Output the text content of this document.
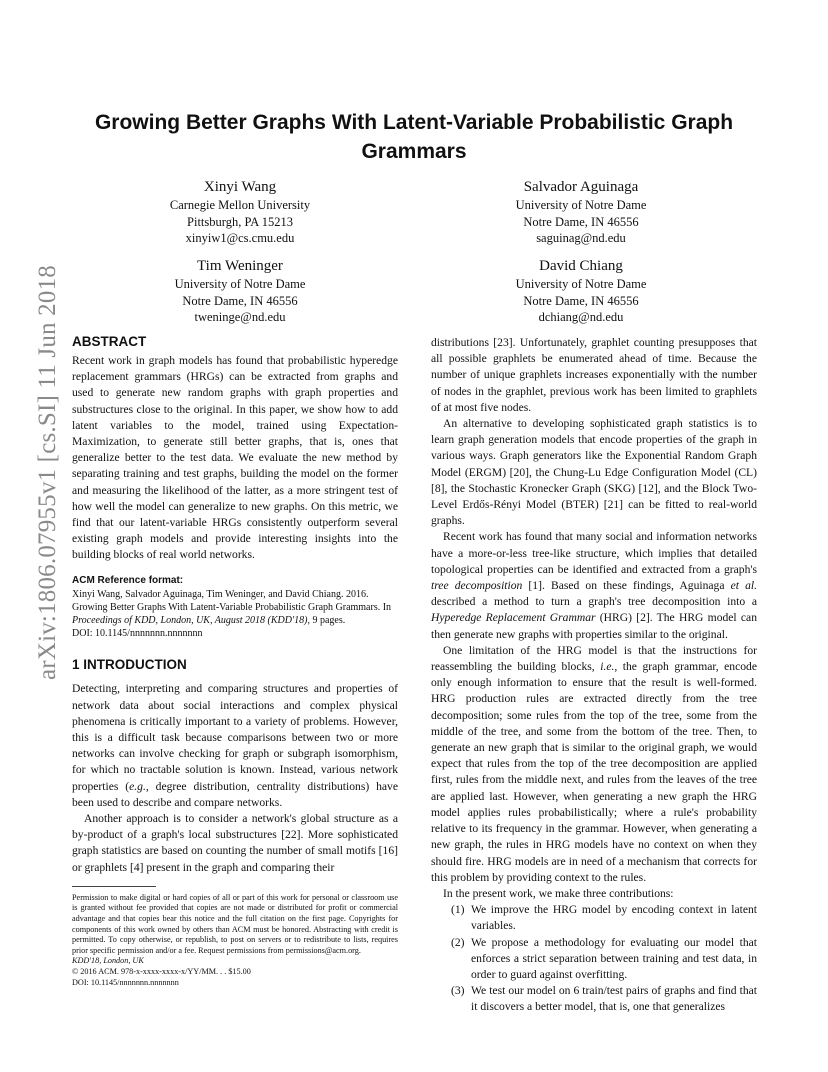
arXiv:1806.07955v1 [cs.SI] 11 Jun 2018
Growing Better Graphs With Latent-Variable Probabilistic Graph Grammars
Xinyi Wang
Carnegie Mellon University
Pittsburgh, PA 15213
xinyiw1@cs.cmu.edu
Salvador Aguinaga
University of Notre Dame
Notre Dame, IN 46556
saguinag@nd.edu
Tim Weninger
University of Notre Dame
Notre Dame, IN 46556
tweninge@nd.edu
David Chiang
University of Notre Dame
Notre Dame, IN 46556
dchiang@nd.edu
ABSTRACT

Recent work in graph models has found that probabilistic hyperedge replacement grammars (HRGs) can be extracted from graphs and used to generate new random graphs with graph properties and substructures close to the original. In this paper, we show how to add latent variables to the model, trained using Expectation-Maximization, to generate still better graphs, that is, ones that generalize better to the test data. We evaluate the new method by separating training and test graphs, building the model on the former and measuring the likelihood of the latter, as a more stringent test of how well the model can generalize to new graphs. On this metric, we find that our latent-variable HRGs consistently outperform several existing graph models and provide interesting insights into the building blocks of real world networks.

ACM Reference format:
Xinyi Wang, Salvador Aguinaga, Tim Weninger, and David Chiang. 2016. Growing Better Graphs With Latent-Variable Probabilistic Graph Grammars. In Proceedings of KDD, London, UK, August 2018 (KDD'18), 9 pages.
DOI: 10.1145/nnnnnnn.nnnnnnn
1 INTRODUCTION

Detecting, interpreting and comparing structures and properties of network data about social interactions and complex physical phenomena is critically important to a variety of problems. However, this is a difficult task because comparisons between two or more networks can involve checking for graph or subgraph isomorphism, for which no tractable solution is known. Instead, various network properties (e.g., degree distribution, centrality distributions) have been used to describe and compare networks.

Another approach is to consider a network's global structure as a by-product of a graph's local substructures [22]. More sophisticated graph statistics are based on counting the number of small motifs [16] or graphlets [4] present in the graph and comparing their

Permission to make digital or hard copies of all or part of this work for personal or classroom use is granted without fee provided that copies are not made or distributed for profit or commercial advantage and that copies bear this notice and the full citation on the first page. Copyrights for components of this work owned by others than ACM must be honored. Abstracting with credit is permitted. To copy otherwise, or republish, to post on servers or to redistribute to lists, requires prior specific permission and/or a fee. Request permissions from permissions@acm.org.
KDD'18, London, UK
© 2016 ACM. 978-x-xxxx-xxxx-x/YY/MM. . . $15.00
DOI: 10.1145/nnnnnnn.nnnnnnn

distributions [23]. Unfortunately, graphlet counting presupposes that all possible graphlets be enumerated ahead of time. Because the number of unique graphlets increases exponentially with the number of nodes in the graphlet, previous work has been limited to graphlets of at most five nodes.

An alternative to developing sophisticated graph statistics is to learn graph generation models that encode properties of the graph in various ways. Graph generators like the Exponential Random Graph Model (ERGM) [20], the Chung-Lu Edge Configuration Model (CL) [8], the Stochastic Kronecker Graph (SKG) [12], and the Block Two-Level Erdős-Rényi Model (BTER) [21] can be fitted to real-world graphs.

Recent work has found that many social and information networks have a more-or-less tree-like structure, which implies that detailed topological properties can be identified and extracted from a graph's tree decomposition [1]. Based on these findings, Aguinaga et al. described a method to turn a graph's tree decomposition into a Hyperedge Replacement Grammar (HRG) [2]. The HRG model can then generate new graphs with properties similar to the original.

One limitation of the HRG model is that the instructions for reassembling the building blocks, i.e., the graph grammar, encode only enough information to ensure that the result is well-formed. HRG production rules are extracted directly from the tree decomposition; some rules from the top of the tree, some from the middle of the tree, and some from the bottom of the tree. Then, to generate an new graph that is similar to the original graph, we would expect that rules from the top of the tree decomposition are applied first, rules from the middle next, and rules from the leaves of the tree are applied last. However, when generating a new graph the HRG model applies rules probabilistically; where a rule's probability relative to its frequency in the grammar. However, when generating a new graph, the rules in HRG models have no context on when they should fire. HRG models are in need of a mechanism that corrects for this problem by providing context to the rules.

In the present work, we make three contributions:

(1) We improve the HRG model by encoding context in latent variables.
(2) We propose a methodology for evaluating our model that enforces a strict separation between training and test data, in order to guard against overfitting.
(3) We test our model on 6 train/test pairs of graphs and find that it discovers a better model, that is, one that generalizes
